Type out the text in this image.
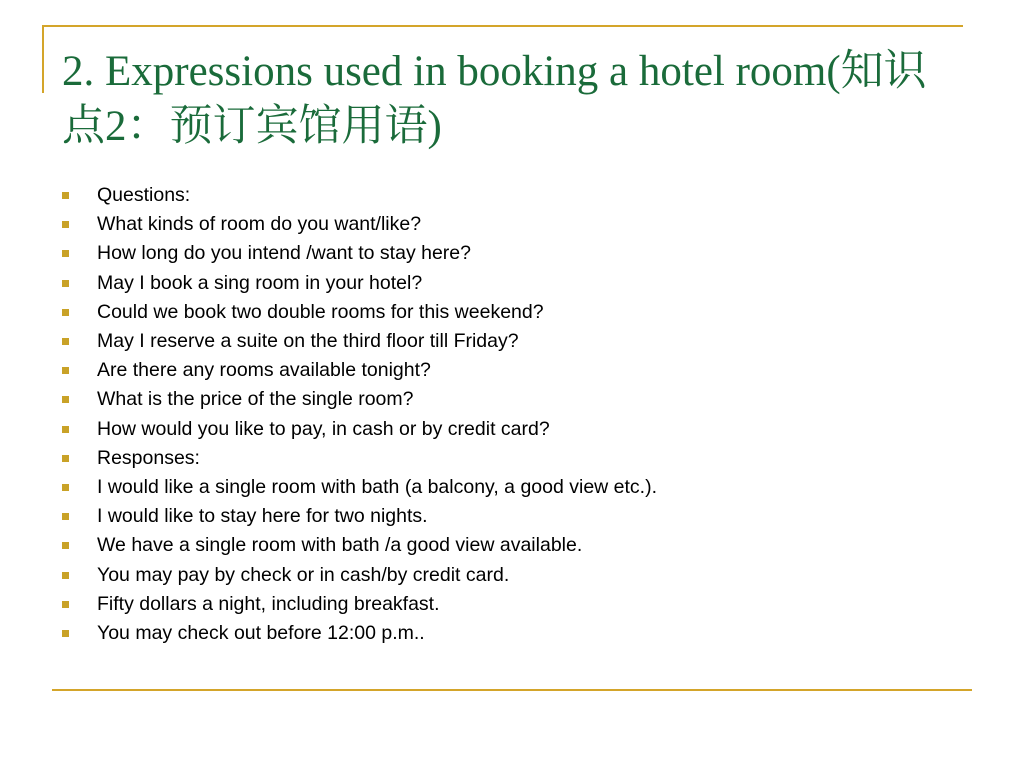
2. Expressions used in booking a hotel room(知识点2：预订宾馆用语)
Questions:
What kinds of room do you want/like?
How long do you intend /want to stay here?
May I book a sing room in your hotel?
Could we book two double rooms for this weekend?
May I reserve a suite on the third floor till Friday?
Are there any rooms available tonight?
What is the price of the single room?
How would you like to pay, in cash or by credit card?
Responses:
I would like a single room with bath (a balcony, a good view etc.).
I would like to stay here for two nights.
We have a single room with bath /a good view available.
You may pay by check or in cash/by credit card.
Fifty dollars a night, including breakfast.
You may check out before 12:00 p.m..
